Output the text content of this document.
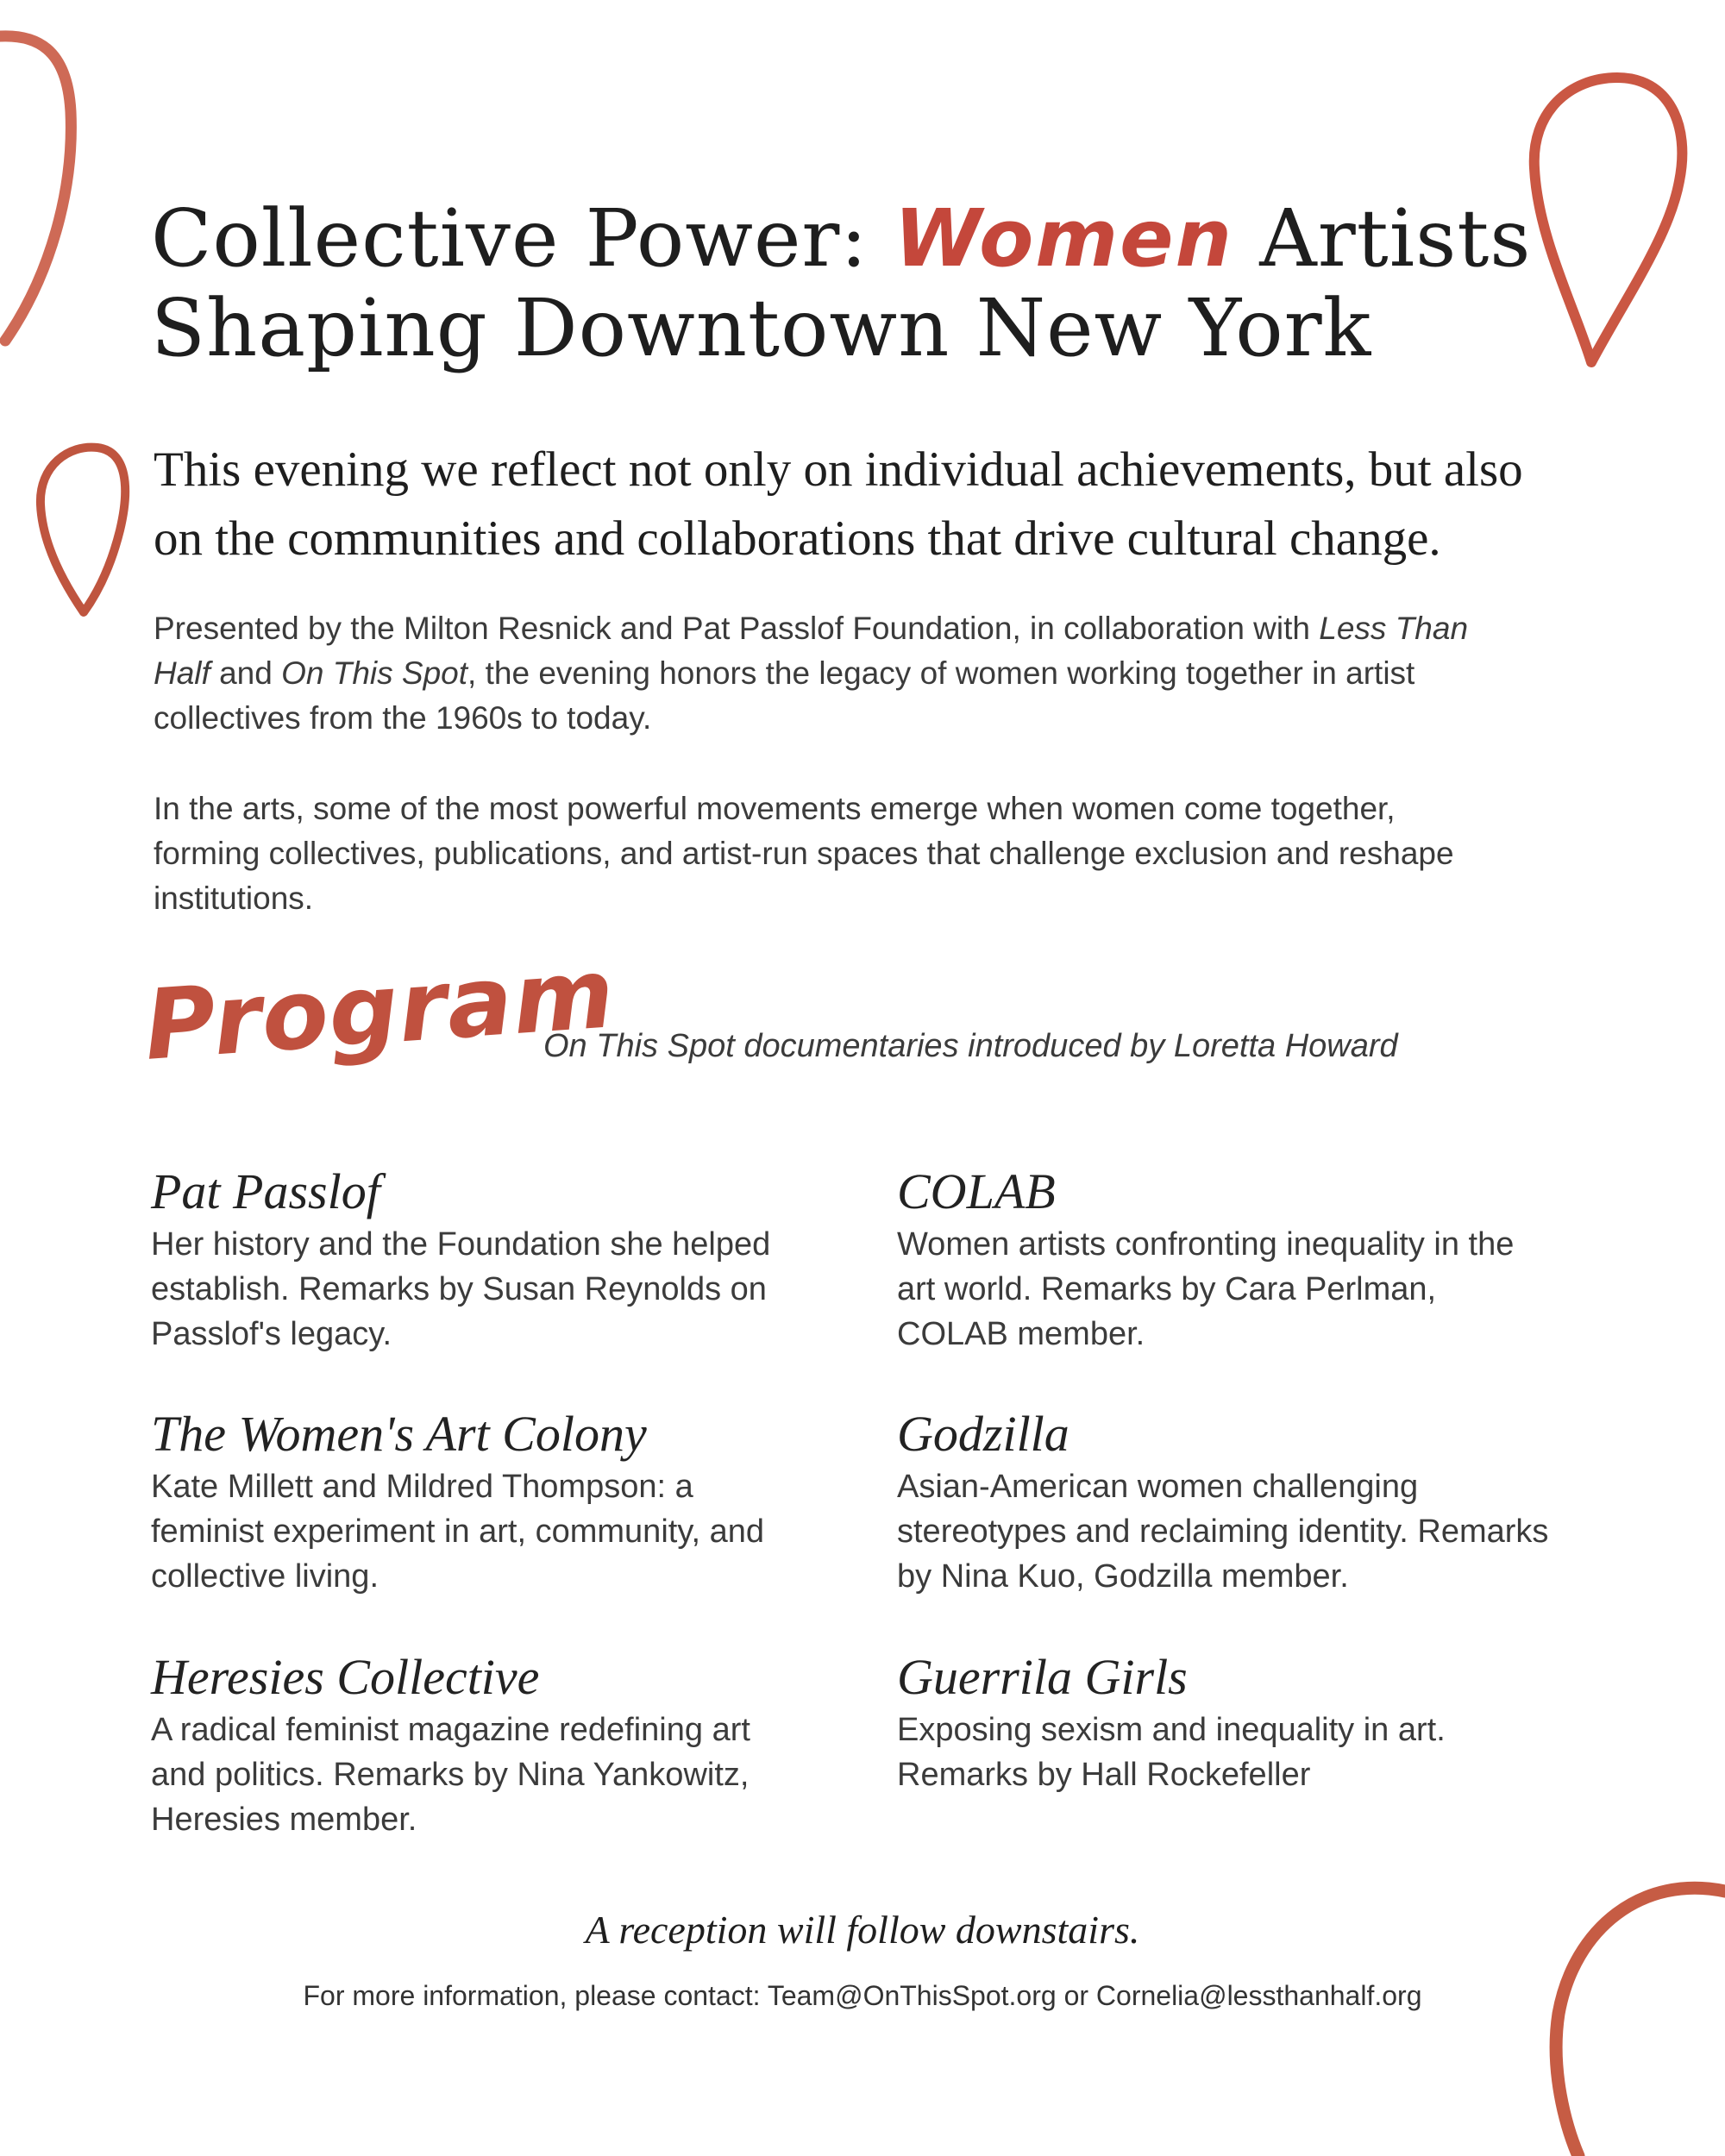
Collective Power: Women Artists
Shaping Downtown New York

This evening we reflect not only on individual achievements, but also on the communities and collaborations that drive cultural change.

Presented by the Milton Resnick and Pat Passlof Foundation, in collaboration with Less Than Half and On This Spot, the evening honors the legacy of women working together in artist collectives from the 1960s to today.

In the arts, some of the most powerful movements emerge when women come together, forming collectives, publications, and artist-run spaces that challenge exclusion and reshape institutions.

Program

On This Spot documentaries introduced by Loretta Howard

Pat Passlof

Her history and the Foundation she helped establish. Remarks by Susan Reynolds on Passlof's legacy.

COLAB

Women artists confronting inequality in the art world. Remarks by Cara Perlman, COLAB member.

The Women's Art Colony

Kate Millett and Mildred Thompson: a feminist experiment in art, community, and collective living.

Godzilla

Asian-American women challenging stereotypes and reclaiming identity. Remarks by Nina Kuo, Godzilla member.

Heresies Collective

A radical feminist magazine redefining art and politics. Remarks by Nina Yankowitz, Heresies member.

Guerrila Girls

Exposing sexism and inequality in art. Remarks by Hall Rockefeller

A reception will follow downstairs.

For more information, please contact: Team@OnThisSpot.org or Cornelia@lessthanhalf.org
